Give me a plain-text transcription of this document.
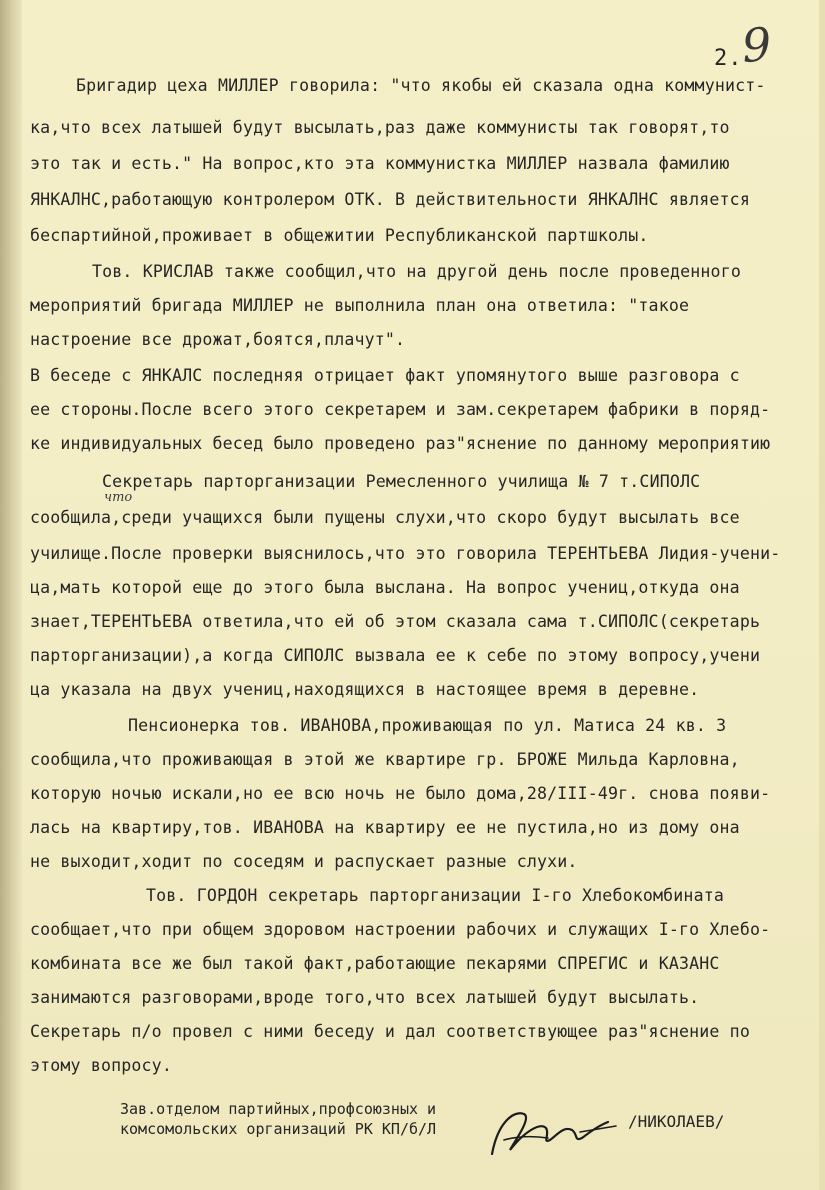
2.
9
Бригадир цеха МИЛЛЕР говорила: "что якобы ей сказала одна коммунист-
ка,что всех латышей будут высылать,раз даже коммунисты так говорят,то
это так и есть." На вопрос,кто эта коммунистка МИЛЛЕР назвала фамилию
ЯНКАЛНС,работающую контролером ОТК. В действительности ЯНКАЛНС является
беспартийной,проживает в общежитии Республиканской партшколы.
Тов. КРИСЛАВ также сообщил,что на другой день после проведенного
мероприятий бригада МИЛЛЕР не выполнила план она ответила: "такое
настроение все дрожат,боятся,плачут".
В беседе с ЯНКАЛС последняя отрицает факт упомянутого выше разговора с
ее стороны.После всего этого секретарем и зам.секретарем фабрики в поряд-
ке индивидуальных бесед было проведено раз"яснение по данному мероприятию
Секретарь парторганизации Ремесленного училища № 7 т.СИПОЛС
что
сообщила,среди учащихся были пущены слухи,что скоро будут высылать все
училище.После проверки выяснилось,что это говорила ТЕРЕНТЬЕВА Лидия-учени-
ца,мать которой еще до этого была выслана. На вопрос учениц,откуда она
знает,ТЕРЕНТЬЕВА ответила,что ей об этом сказала сама т.СИПОЛС(секретарь
парторганизации),а когда СИПОЛС вызвала ее к себе по этому вопросу,учени
ца указала на двух учениц,находящихся в настоящее время в деревне.
Пенсионерка тов. ИВАНОВА,проживающая по ул. Матиса 24 кв. 3
сообщила,что проживающая в этой же квартире гр. БРОЖЕ Мильда Карловна,
которую ночью искали,но ее всю ночь не было дома,28/III-49г. снова появи-
лась на квартиру,тов. ИВАНОВА на квартиру ее не пустила,но из дому она
не выходит,ходит по соседям и распускает разные слухи.
Тов. ГОРДОН секретарь парторганизации I-го Хлебокомбината
сообщает,что при общем здоровом настроении рабочих и служащих I-го Хлебо-
комбината все же был такой факт,работающие пекарями СПРЕГИС и КАЗАНС
занимаются разговорами,вроде того,что всех латышей будут высылать.
Секретарь п/о провел с ними беседу и дал соответствующее раз"яснение по
этому вопросу.
Зав.отделом партийных,профсоюзных и
комсомольских организаций РК КП/б/Л	/НИКОЛАЕВ/
